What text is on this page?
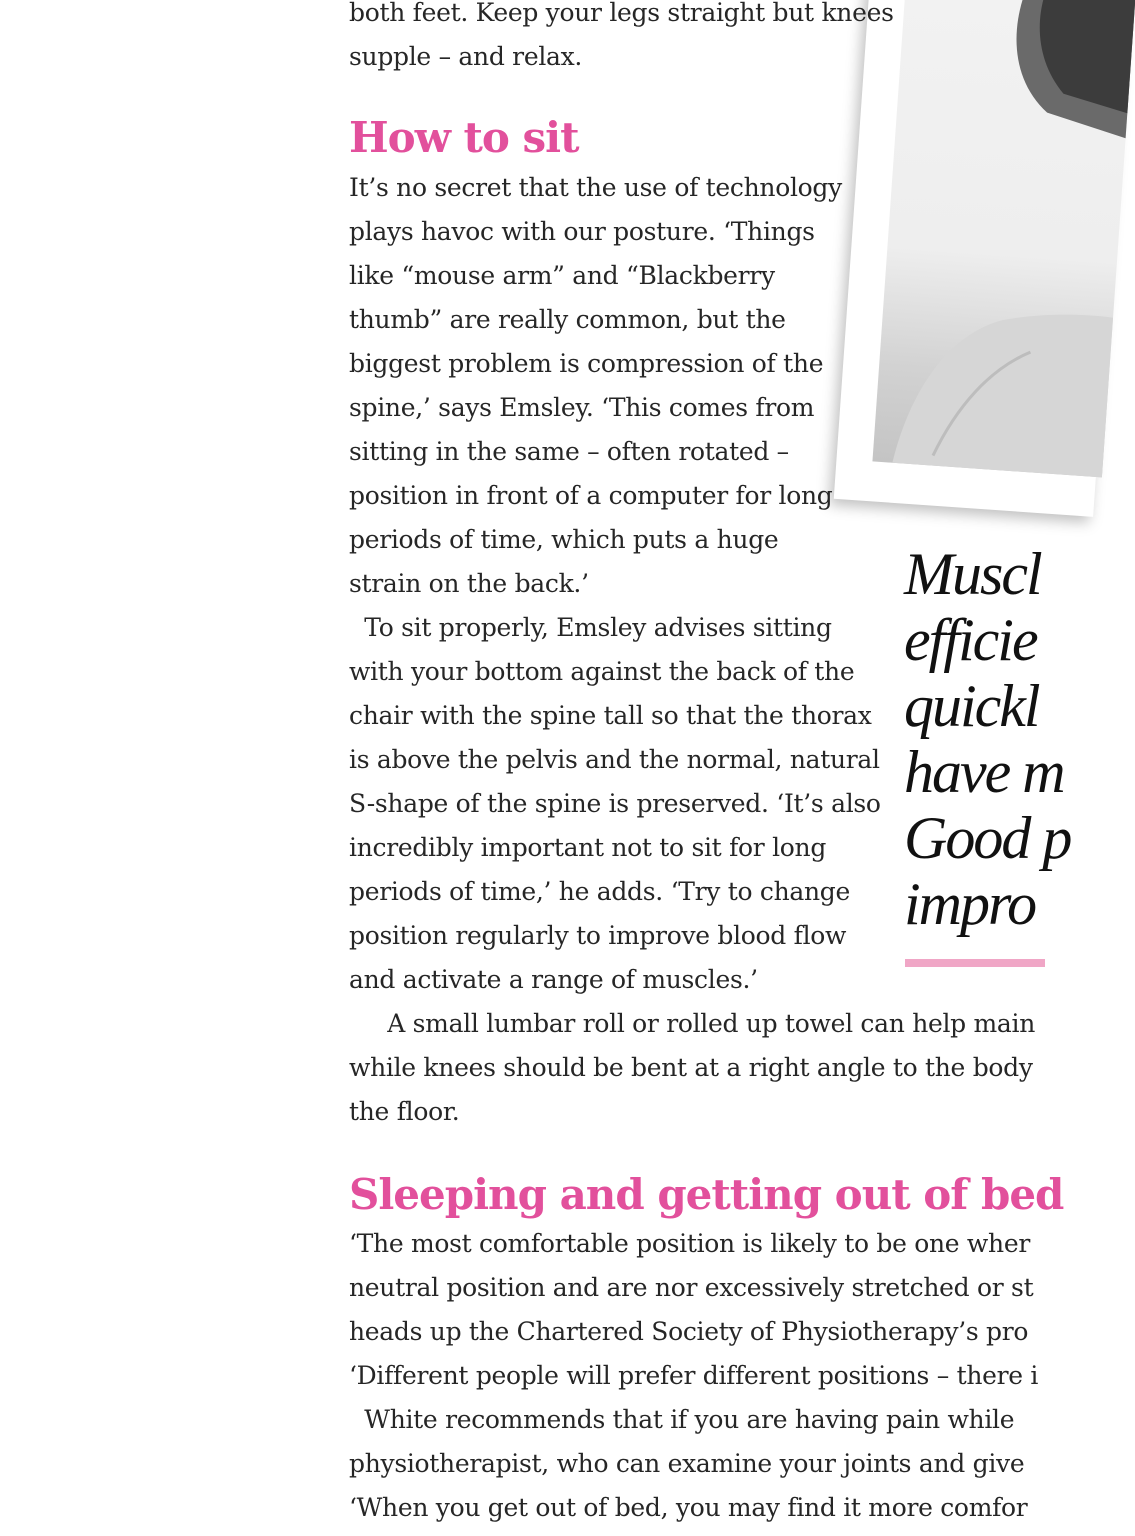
both feet. Keep your legs straight but knees
supple – and relax.
How to sit
It’s no secret that the use of technology
plays havoc with our posture. ‘Things
like “mouse arm” and “Blackberry
thumb” are really common, but the
biggest problem is compression of the
spine,’ says Emsley. ‘This comes from
sitting in the same – often rotated –
position in front of a computer for long
periods of time, which puts a huge
strain on the back.’
To sit properly, Emsley advises sitting
with your bottom against the back of the
chair with the spine tall so that the thorax
is above the pelvis and the normal, natural
S-shape of the spine is preserved. ‘It’s also
incredibly important not to sit for long
periods of time,’ he adds. ‘Try to change
position regularly to improve blood flow
and activate a range of muscles.’
A small lumbar roll or rolled up towel can help main
while knees should be bent at a right angle to the body
the floor.
Muscl
efficie
quickl
have m
Good p
impro
Sleeping and getting out of bed
‘The most comfortable position is likely to be one wher
neutral position and are nor excessively stretched or st
heads up the Chartered Society of Physiotherapy’s pro
‘Different people will prefer different positions – there i
White recommends that if you are having pain while
physiotherapist, who can examine your joints and give
‘When you get out of bed, you may find it more comfor
